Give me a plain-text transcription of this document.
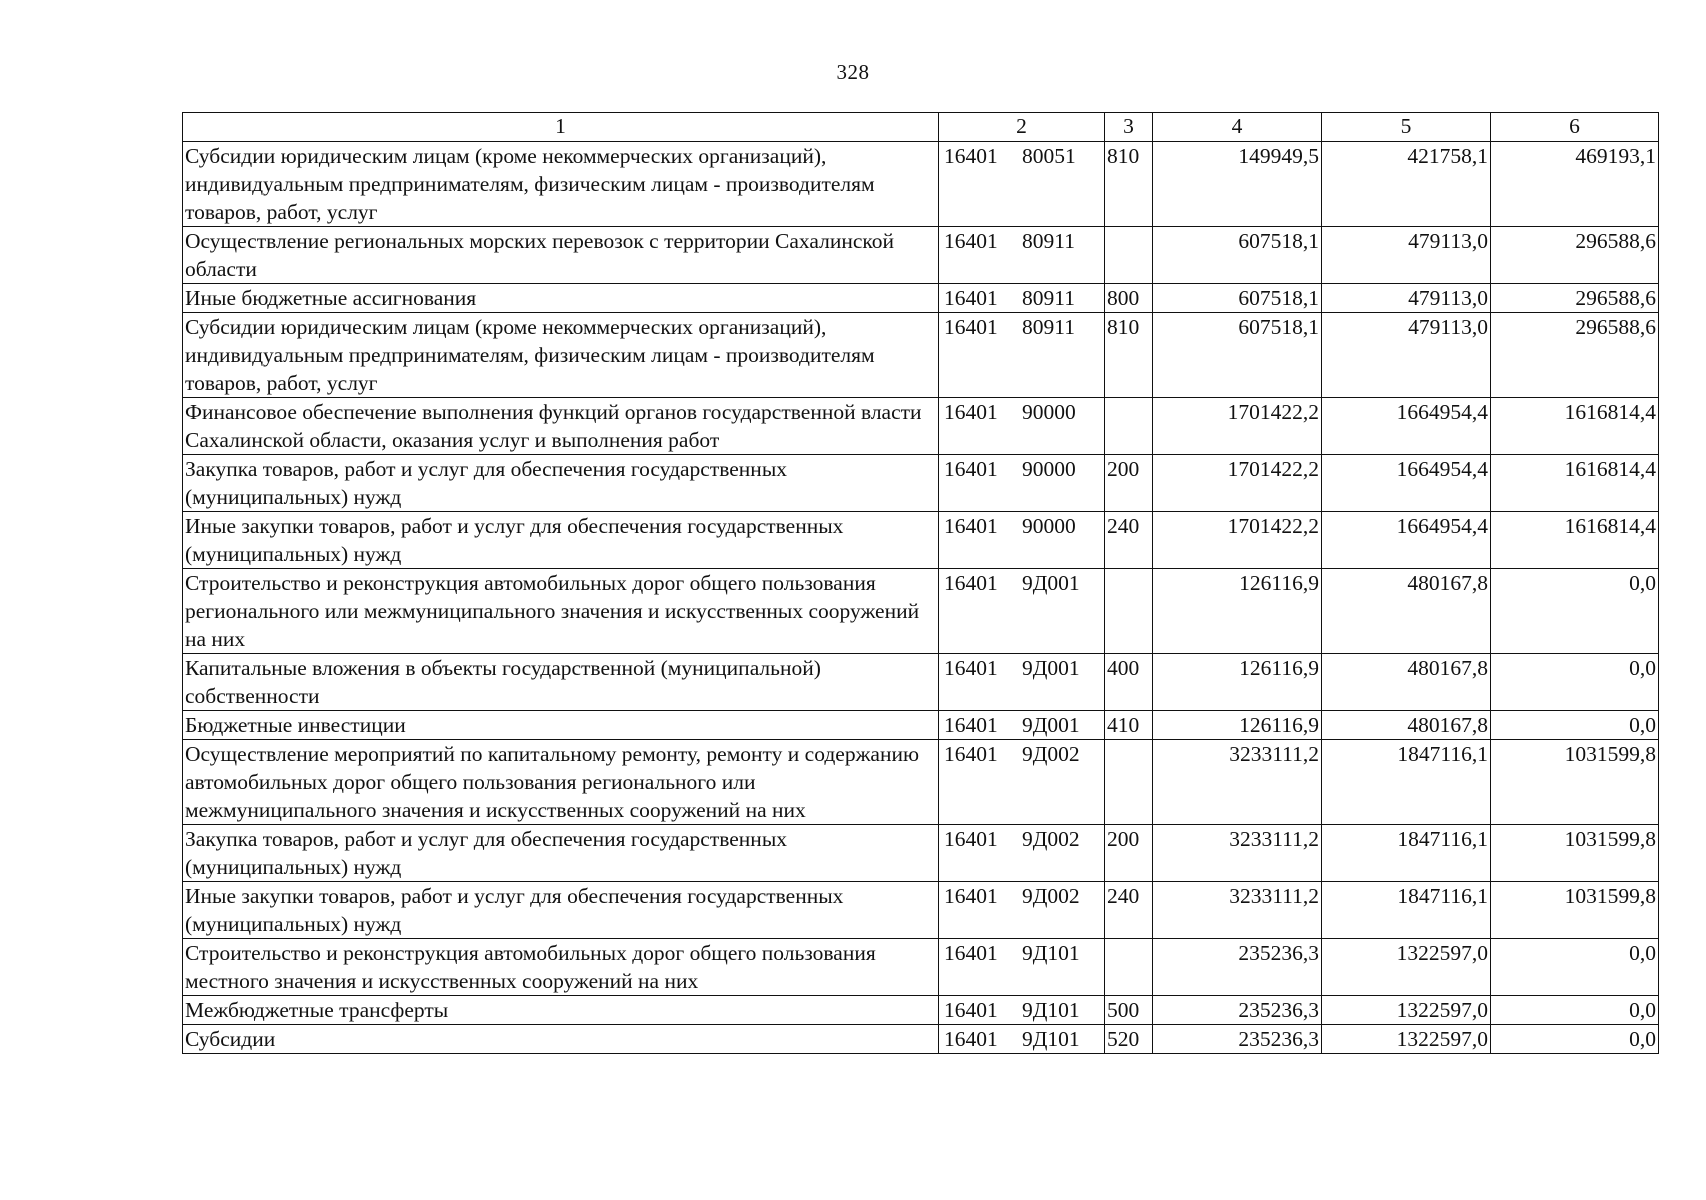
328
1	2	3	4	5	6
Субсидии юридическим лицам (кроме некоммерческих организаций), индивидуальным предпринимателям, физическим лицам - производителям товаров, работ, услуг	16401 80051	810	149949,5	421758,1	469193,1
Осуществление региональных морских перевозок с территории Сахалинской области	16401 80911		607518,1	479113,0	296588,6
Иные бюджетные ассигнования	16401 80911	800	607518,1	479113,0	296588,6
Субсидии юридическим лицам (кроме некоммерческих организаций), индивидуальным предпринимателям, физическим лицам - производителям товаров, работ, услуг	16401 80911	810	607518,1	479113,0	296588,6
Финансовое обеспечение выполнения функций органов государственной власти Сахалинской области, оказания услуг и выполнения работ	16401 90000		1701422,2	1664954,4	1616814,4
Закупка товаров, работ и услуг для обеспечения государственных (муниципальных) нужд	16401 90000	200	1701422,2	1664954,4	1616814,4
Иные закупки товаров, работ и услуг для обеспечения государственных (муниципальных) нужд	16401 90000	240	1701422,2	1664954,4	1616814,4
Строительство и реконструкция автомобильных дорог общего пользования регионального или межмуниципального значения и искусственных сооружений на них	16401 9Д001		126116,9	480167,8	0,0
Капитальные вложения в объекты государственной (муниципальной) собственности	16401 9Д001	400	126116,9	480167,8	0,0
Бюджетные инвестиции	16401 9Д001	410	126116,9	480167,8	0,0
Осуществление мероприятий по капитальному ремонту, ремонту и содержанию автомобильных дорог общего пользования регионального или межмуниципального значения и искусственных сооружений на них	16401 9Д002		3233111,2	1847116,1	1031599,8
Закупка товаров, работ и услуг для обеспечения государственных (муниципальных) нужд	16401 9Д002	200	3233111,2	1847116,1	1031599,8
Иные закупки товаров, работ и услуг для обеспечения государственных (муниципальных) нужд	16401 9Д002	240	3233111,2	1847116,1	1031599,8
Строительство и реконструкция автомобильных дорог общего пользования местного значения и искусственных сооружений на них	16401 9Д101		235236,3	1322597,0	0,0
Межбюджетные трансферты	16401 9Д101	500	235236,3	1322597,0	0,0
Субсидии	16401 9Д101	520	235236,3	1322597,0	0,0
